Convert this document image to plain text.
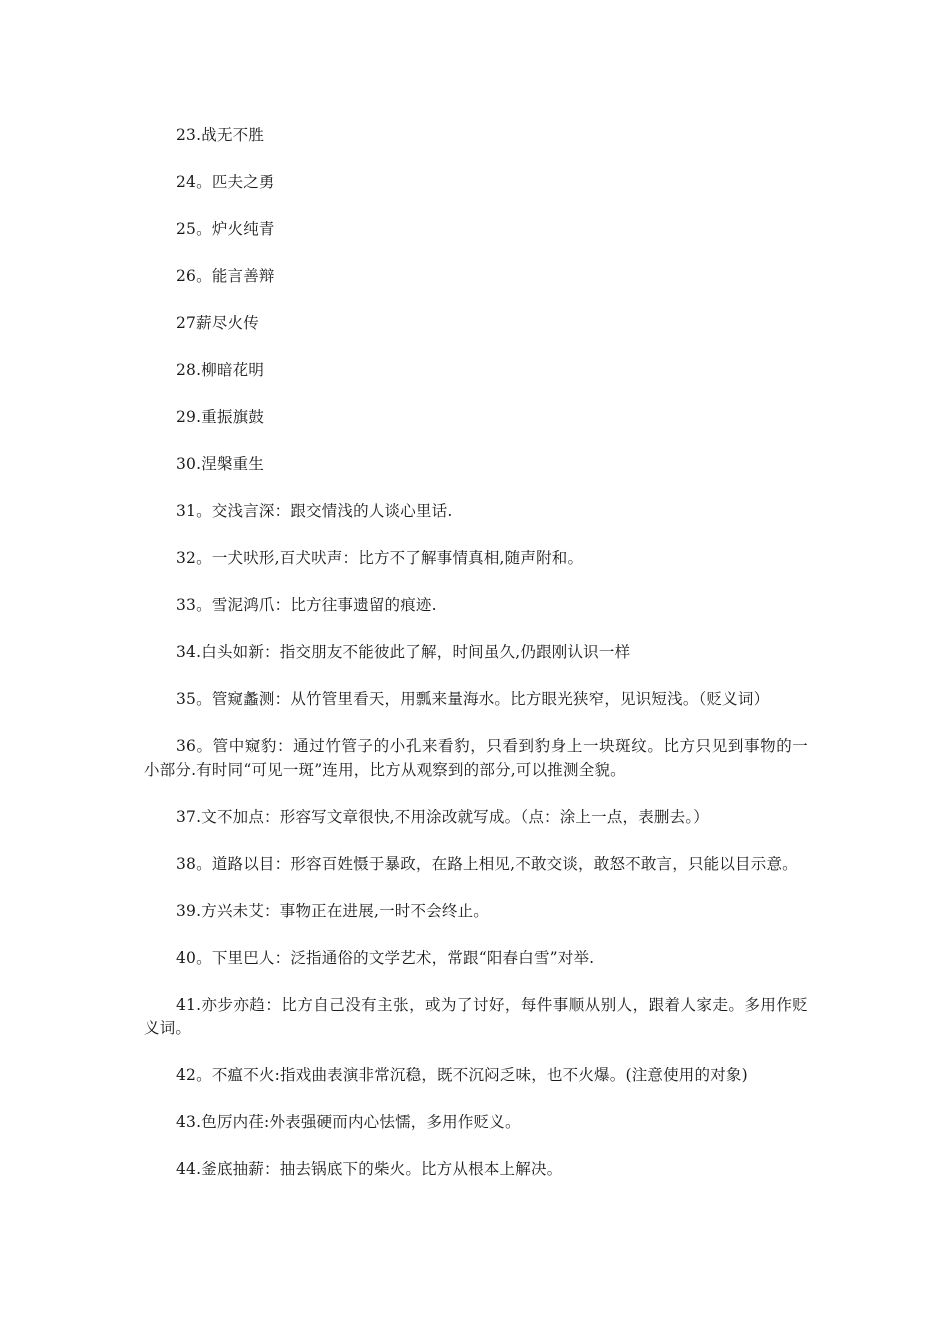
23.战无不胜

24。匹夫之勇

25。炉火纯青

26。能言善辩

27薪尽火传

28.柳暗花明

29.重振旗鼓

30.涅槃重生

31。交浅言深：跟交情浅的人谈心里话.

32。一犬吠形,百犬吠声：比方不了解事情真相,随声附和。

33。雪泥鸿爪：比方往事遗留的痕迹.

34.白头如新：指交朋友不能彼此了解，时间虽久,仍跟刚认识一样

35。管窥蠡测：从竹管里看天，用瓢来量海水。比方眼光狭窄，见识短浅。（贬义词）

36。管中窥豹：通过竹管子的小孔来看豹，只看到豹身上一块斑纹。比方只见到事物的一小部分.有时同“可见一斑”连用，比方从观察到的部分,可以推测全貌。

37.文不加点：形容写文章很快,不用涂改就写成。（点：涂上一点，表删去。）

38。道路以目：形容百姓慑于暴政，在路上相见,不敢交谈，敢怒不敢言，只能以目示意。

39.方兴未艾：事物正在进展,一时不会终止。

40。下里巴人：泛指通俗的文学艺术，常跟“阳春白雪”对举.

41.亦步亦趋：比方自己没有主张，或为了讨好，每件事顺从别人，跟着人家走。多用作贬义词。

42。不瘟不火:指戏曲表演非常沉稳，既不沉闷乏味，也不火爆。(注意使用的对象)

43.色厉内荏:外表强硬而内心怯懦，多用作贬义。

44.釜底抽薪：抽去锅底下的柴火。比方从根本上解决。
